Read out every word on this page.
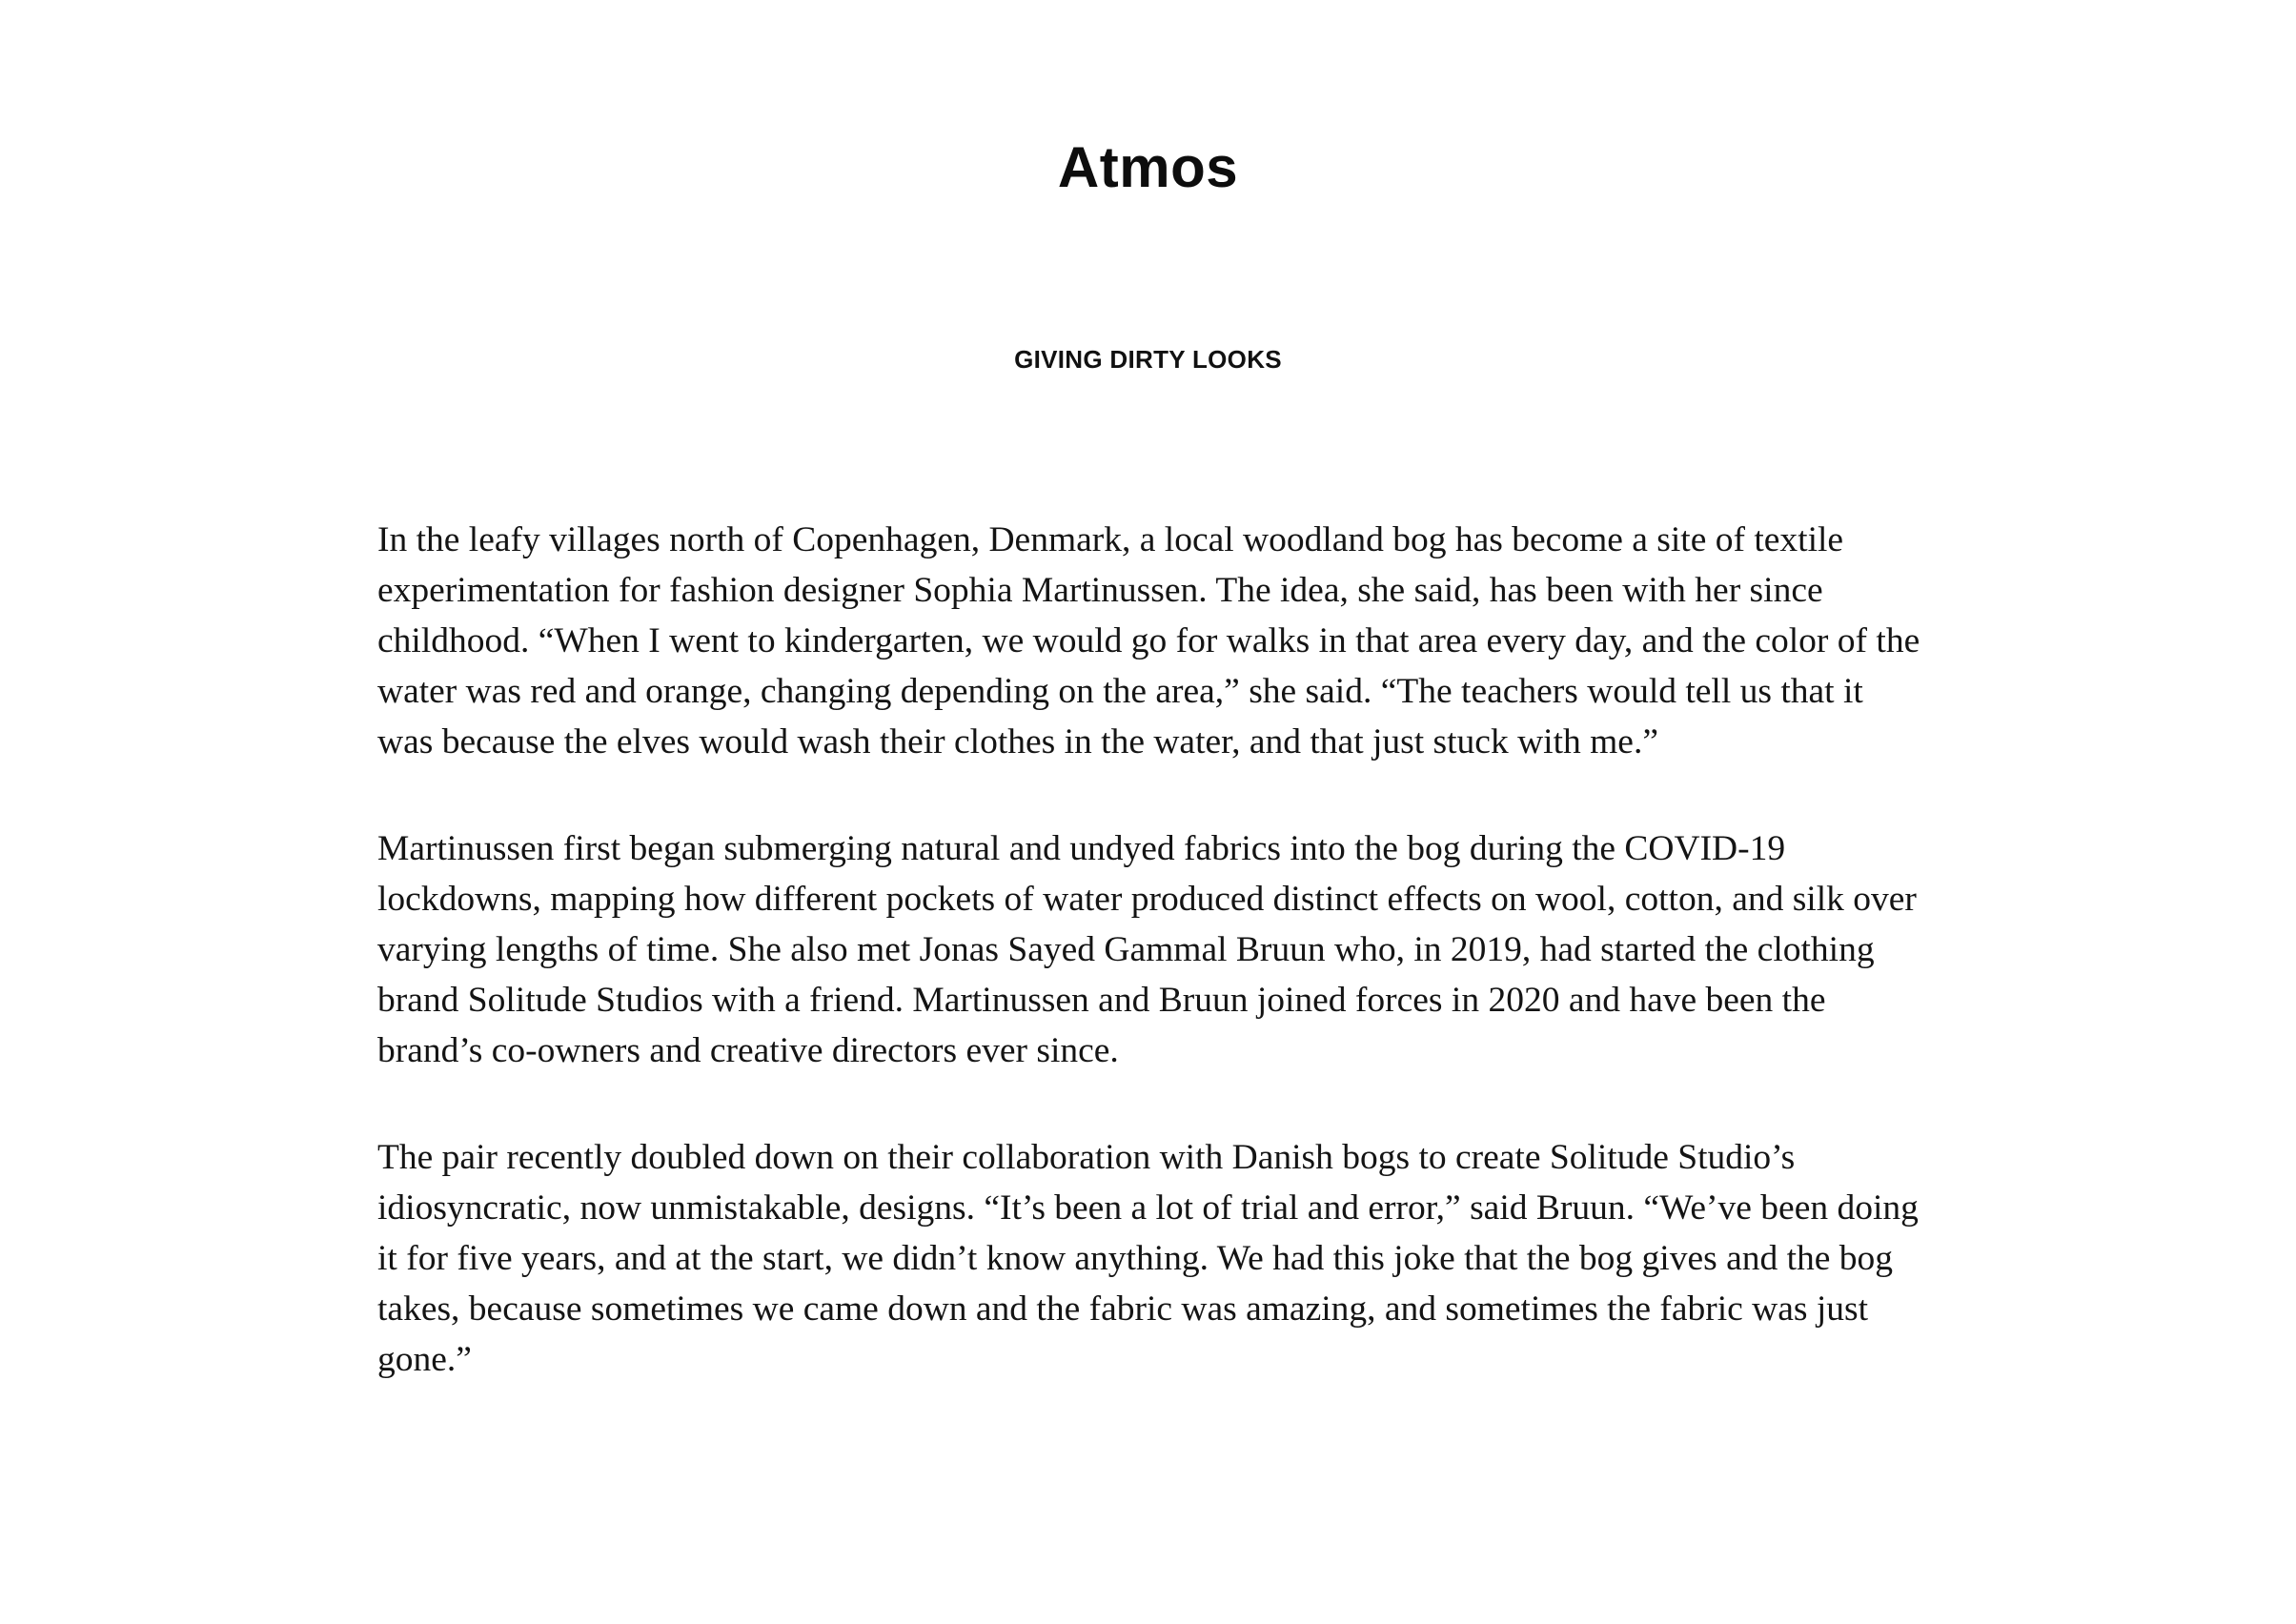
Atmos
GIVING DIRTY LOOKS

In the leafy villages north of Copenhagen, Denmark, a local woodland bog has become a site of textile experimentation for fashion designer Sophia Martinussen. The idea, she said, has been with her since childhood. “When I went to kindergarten, we would go for walks in that area every day, and the color of the water was red and orange, changing depending on the area,” she said. “The teachers would tell us that it was because the elves would wash their clothes in the water, and that just stuck with me.”

Martinussen first began submerging natural and undyed fabrics into the bog during the COVID-19 lockdowns, mapping how different pockets of water produced distinct effects on wool, cotton, and silk over varying lengths of time. She also met Jonas Sayed Gammal Bruun who, in 2019, had started the clothing brand Solitude Studios with a friend. Martinussen and Bruun joined forces in 2020 and have been the brand’s co-owners and creative directors ever since.

The pair recently doubled down on their collaboration with Danish bogs to create Solitude Studio’s idiosyncratic, now unmistakable, designs. “It’s been a lot of trial and error,” said Bruun. “We’ve been doing it for five years, and at the start, we didn’t know anything. We had this joke that the bog gives and the bog takes, because sometimes we came down and the fabric was amazing, and sometimes the fabric was just gone.”
